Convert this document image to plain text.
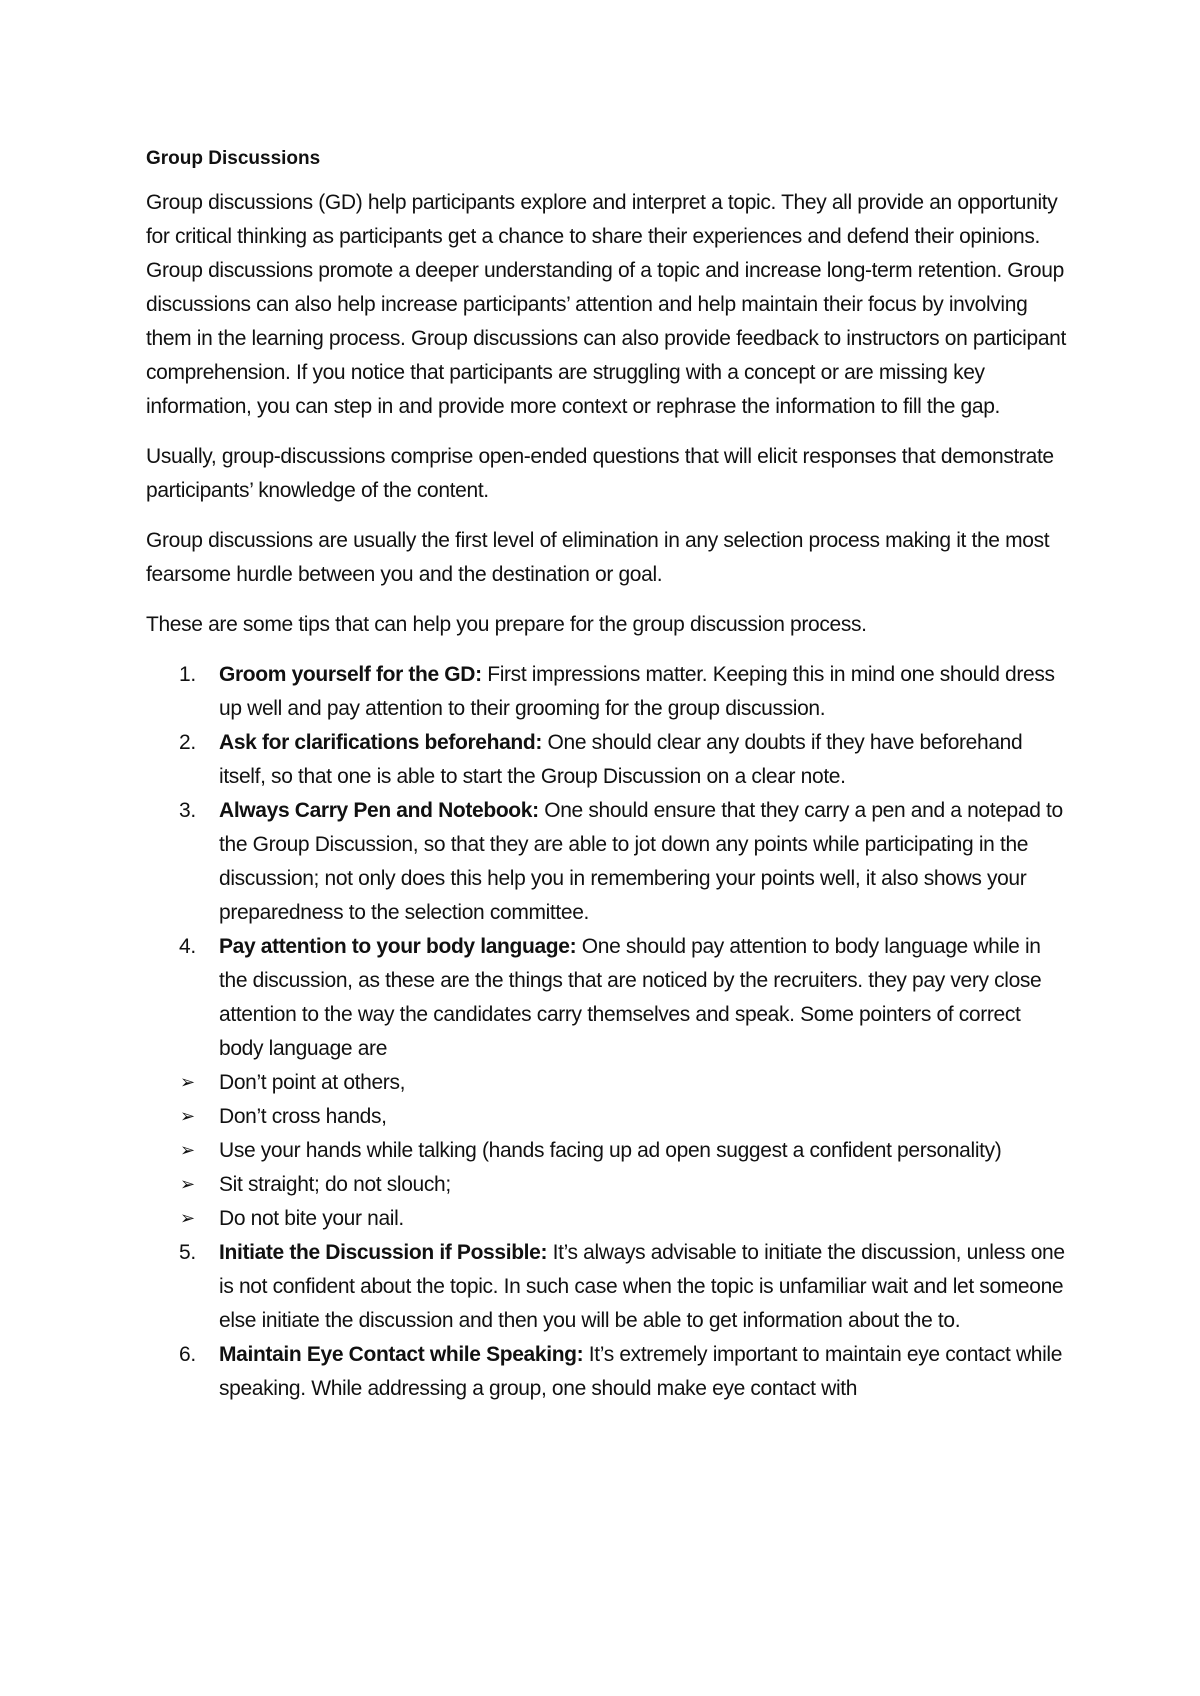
Group Discussions

Group discussions (GD) help participants explore and interpret a topic. They all provide an opportunity for critical thinking as participants get a chance to share their experiences and defend their opinions. Group discussions promote a deeper understanding of a topic and increase long-term retention. Group discussions can also help increase participants’ attention and help maintain their focus by involving them in the learning process. Group discussions can also provide feedback to instructors on participant comprehension. If you notice that participants are struggling with a concept or are missing key information, you can step in and provide more context or rephrase the information to fill the gap.

Usually, group-discussions comprise open-ended questions that will elicit responses that demonstrate participants’ knowledge of the content.

Group discussions are usually the first level of elimination in any selection process making it the most fearsome hurdle between you and the destination or goal.

These are some tips that can help you prepare for the group discussion process.

1. Groom yourself for the GD: First impressions matter. Keeping this in mind one should dress up well and pay attention to their grooming for the group discussion.
2. Ask for clarifications beforehand: One should clear any doubts if they have beforehand itself, so that one is able to start the Group Discussion on a clear note.
3. Always Carry Pen and Notebook: One should ensure that they carry a pen and a notepad to the Group Discussion, so that they are able to jot down any points while participating in the discussion; not only does this help you in remembering your points well, it also shows your preparedness to the selection committee.
4. Pay attention to your body language: One should pay attention to body language while in the discussion, as these are the things that are noticed by the recruiters. they pay very close attention to the way the candidates carry themselves and speak. Some pointers of correct body language are
➢ Don’t point at others,
➢ Don’t cross hands,
➢ Use your hands while talking (hands facing up ad open suggest a confident personality)
➢ Sit straight; do not slouch;
➢ Do not bite your nail.
5. Initiate the Discussion if Possible: It’s always advisable to initiate the discussion, unless one is not confident about the topic. In such case when the topic is unfamiliar wait and let someone else initiate the discussion and then you will be able to get information about the to.
6. Maintain Eye Contact while Speaking: It’s extremely important to maintain eye contact while speaking. While addressing a group, one should make eye contact with
